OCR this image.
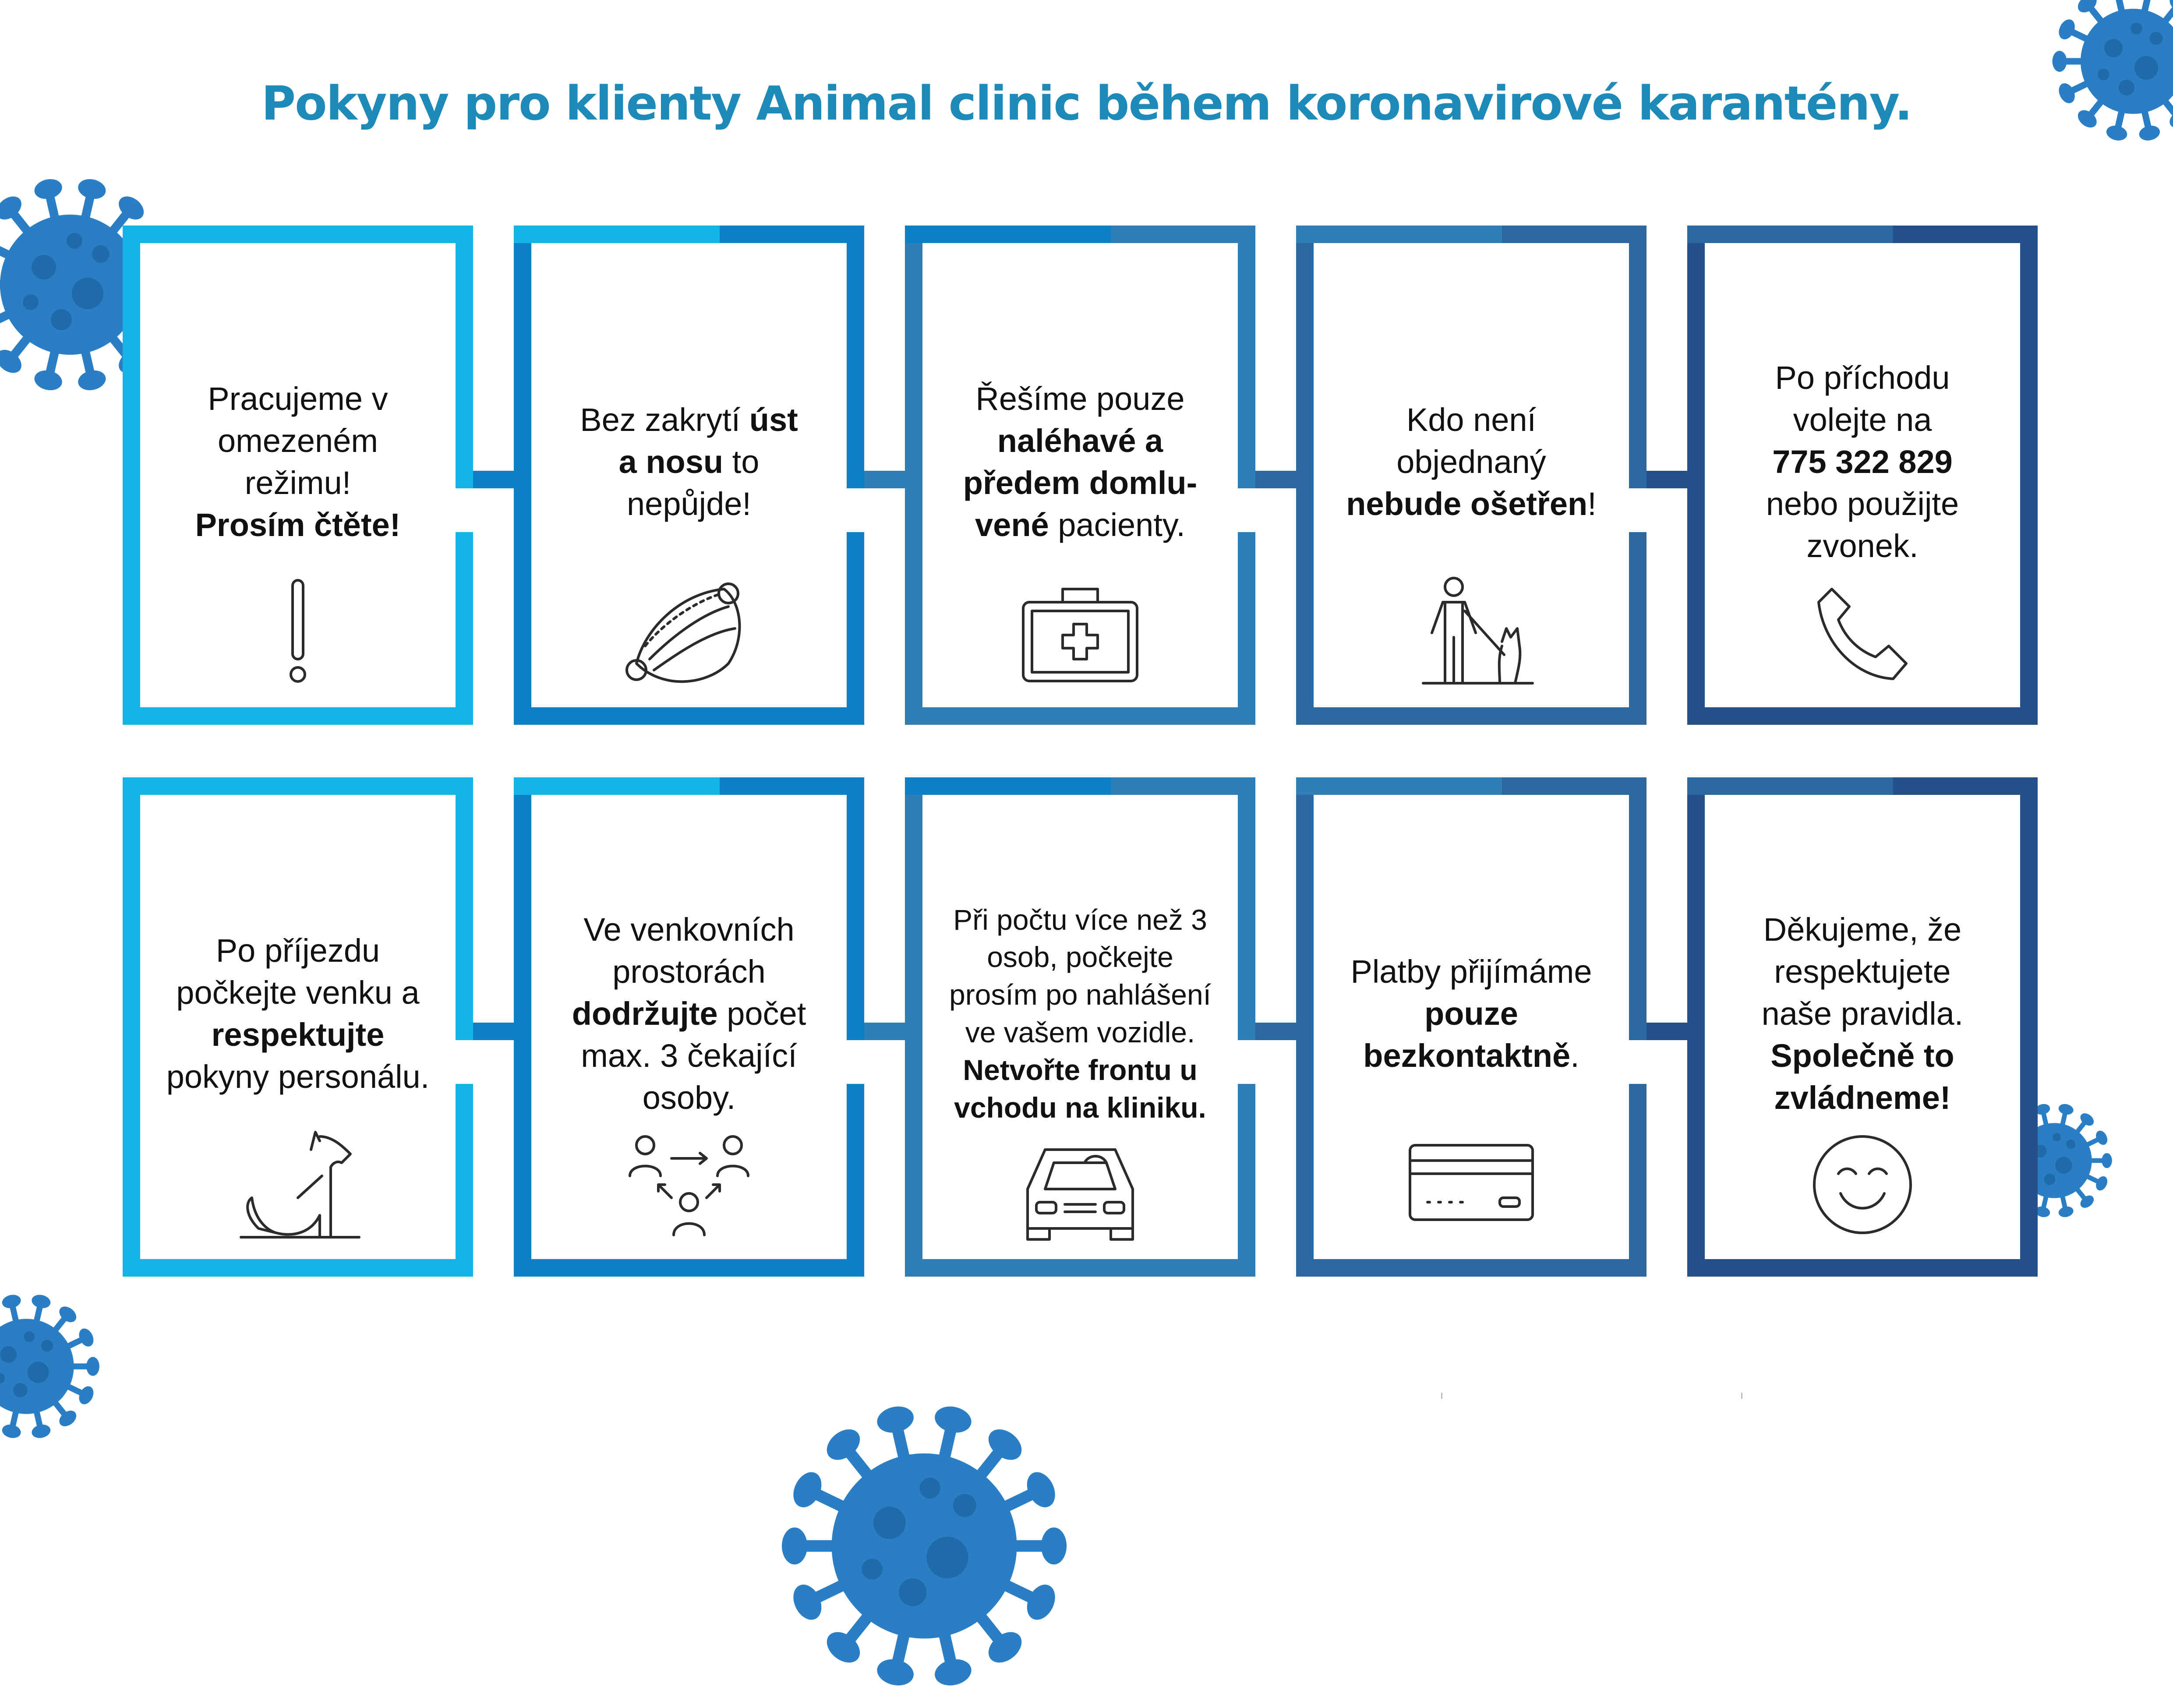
Pokyny pro klienty Animal clinic během koronavirové karantény.
Pracujeme v
omezeném
režimu!
Prosím čtěte!
Bez zakrytí úst
a nosu to
nepůjde!
Řešíme pouze
naléhavé a
předem domlu-
vené pacienty.
Kdo není
objednaný
nebude ošetřen!
Po příchodu
volejte na
775 322 829
nebo použijte
zvonek.
Po příjezdu
počkejte venku a
respektujte
pokyny personálu.
Ve venkovních
prostorách
dodržujte počet
max. 3 čekající
osoby.
Při počtu více než 3
osob, počkejte
prosím po nahlášení
ve vašem vozidle.
Netvořte frontu u
vchodu na kliniku.
Platby přijímáme
pouze
bezkontaktně.
Děkujeme, že
respektujete
naše pravidla.
Společně to
zvládneme!
